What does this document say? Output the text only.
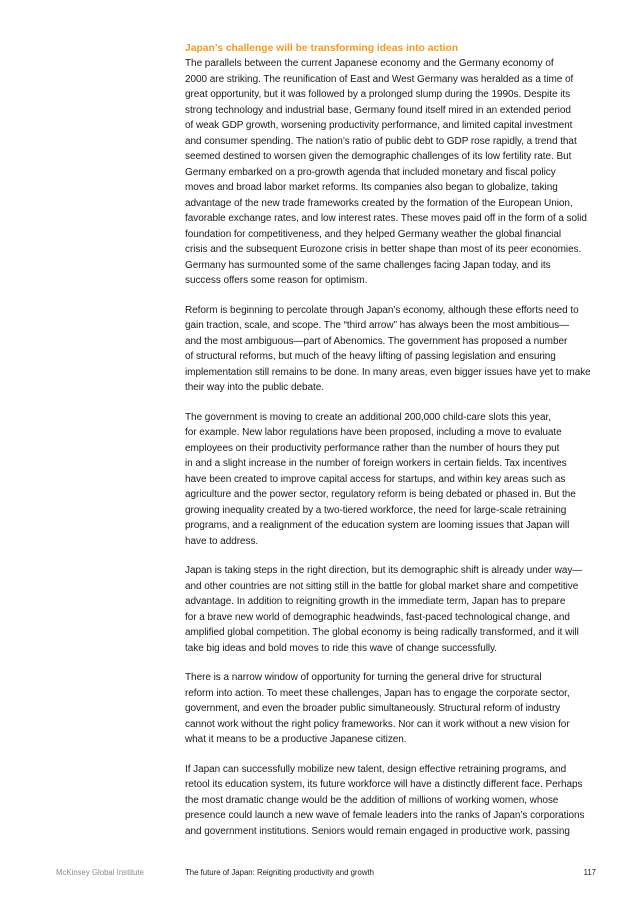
Japan’s challenge will be transforming ideas into action

The parallels between the current Japanese economy and the Germany economy of
2000 are striking. The reunification of East and West Germany was heralded as a time of
great opportunity, but it was followed by a prolonged slump during the 1990s. Despite its
strong technology and industrial base, Germany found itself mired in an extended period
of weak GDP growth, worsening productivity performance, and limited capital investment
and consumer spending. The nation’s ratio of public debt to GDP rose rapidly, a trend that
seemed destined to worsen given the demographic challenges of its low fertility rate. But
Germany embarked on a pro-growth agenda that included monetary and fiscal policy
moves and broad labor market reforms. Its companies also began to globalize, taking
advantage of the new trade frameworks created by the formation of the European Union,
favorable exchange rates, and low interest rates. These moves paid off in the form of a solid
foundation for competitiveness, and they helped Germany weather the global financial
crisis and the subsequent Eurozone crisis in better shape than most of its peer economies.
Germany has surmounted some of the same challenges facing Japan today, and its
success offers some reason for optimism.

Reform is beginning to percolate through Japan’s economy, although these efforts need to
gain traction, scale, and scope. The “third arrow” has always been the most ambitious—
and the most ambiguous—part of Abenomics. The government has proposed a number
of structural reforms, but much of the heavy lifting of passing legislation and ensuring
implementation still remains to be done. In many areas, even bigger issues have yet to make
their way into the public debate.

The government is moving to create an additional 200,000 child-care slots this year,
for example. New labor regulations have been proposed, including a move to evaluate
employees on their productivity performance rather than the number of hours they put
in and a slight increase in the number of foreign workers in certain fields. Tax incentives
have been created to improve capital access for startups, and within key areas such as
agriculture and the power sector, regulatory reform is being debated or phased in. But the
growing inequality created by a two-tiered workforce, the need for large-scale retraining
programs, and a realignment of the education system are looming issues that Japan will
have to address.

Japan is taking steps in the right direction, but its demographic shift is already under way—
and other countries are not sitting still in the battle for global market share and competitive
advantage. In addition to reigniting growth in the immediate term, Japan has to prepare
for a brave new world of demographic headwinds, fast-paced technological change, and
amplified global competition. The global economy is being radically transformed, and it will
take big ideas and bold moves to ride this wave of change successfully.

There is a narrow window of opportunity for turning the general drive for structural
reform into action. To meet these challenges, Japan has to engage the corporate sector,
government, and even the broader public simultaneously. Structural reform of industry
cannot work without the right policy frameworks. Nor can it work without a new vision for
what it means to be a productive Japanese citizen.

If Japan can successfully mobilize new talent, design effective retraining programs, and
retool its education system, its future workforce will have a distinctly different face. Perhaps
the most dramatic change would be the addition of millions of working women, whose
presence could launch a new wave of female leaders into the ranks of Japan’s corporations
and government institutions. Seniors would remain engaged in productive work, passing

McKinsey Global Institute	The future of Japan: Reigniting productivity and growth	117
